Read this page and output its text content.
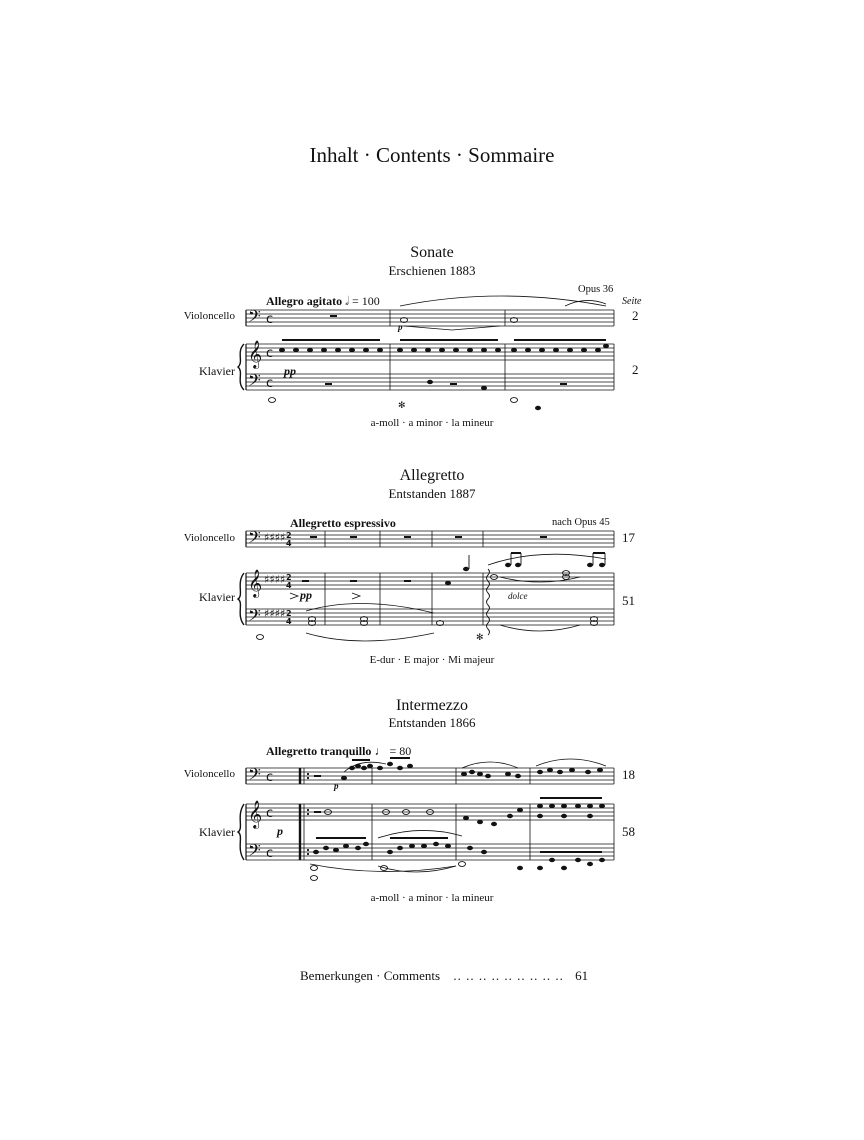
Inhalt · Contents · Sommaire
Sonate
Erschienen 1883
Allegro agitato 𝅗𝅥 = 100
Opus 36
Seite
Violoncello
Klavier
2
2
pp
p
𝄢 c
𝄞
𝄢
c
c
✻
a-moll · a minor · la mineur
Allegretto
Entstanden 1887
Allegretto espressivo	nach Opus 45
Violoncello
Klavier
17
51
pp	dolce
𝄢
𝄞
𝄢
♯♯♯♯
♯♯♯♯
♯♯♯♯
2
4
2
4
2
4
✻
E-dur · E major · Mi majeur
Intermezzo
Entstanden 1866
Allegretto tranquillo ♩ = 80
Violoncello
Klavier
18
58
p
p
𝄢
𝄞
𝄢
c
c
c
a-moll · a minor · la mineur
Bemerkungen · Comments .. .. .. .. .. .. .. .. .. 61
